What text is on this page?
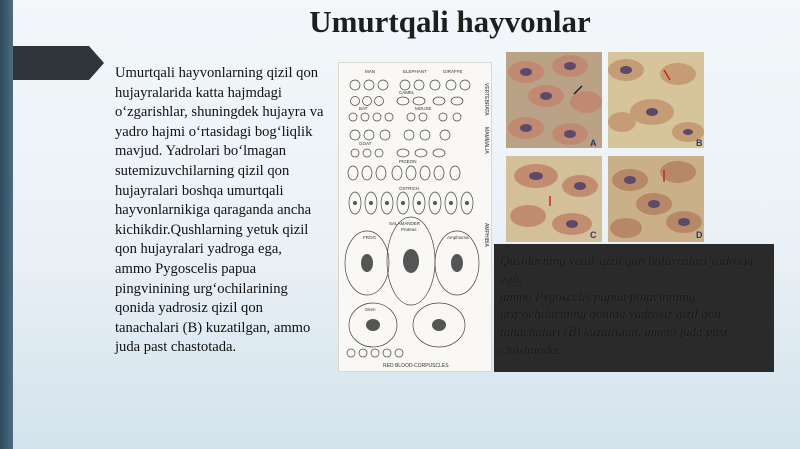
Umurtqali hayvonlar
Umurtqali hayvonlarning qizil qon hujayralarida katta hajmdagi o‘zgarishlar, shuningdek hujayra va yadro hajmi o‘rtasidagi bog‘liqlik mavjud. Yadrolari bo‘lmagan sutemizuvchilarning qizil qon hujayralari boshqa umurtqali hayvonlarnikiga qaraganda ancha kichikdir.Qushlarning yetuk qizil qon hujayralari yadroga ega,
ammo Pygoscelis papua pingvinining urg‘ochilarining qonida yadrosiz qizil qon tanachalari (B) kuzatilgan, ammo juda past chastotada.
MAN	ELEPHANT	GIRAFFE
CAMEL
BAT	MOUSE
GOAT
PIGEON
OSTRICH
SALAMANDER
FROG
Proteus
Amphiuma
Siren
VERTEBRATA
MAMMALIA
AMPHIBIA
RED BLOOD-CORPUSCLES
A	B
C	D
Qushlarning yetuk qizil qon hujayralari yadroga ega,
ammo Pygoscelis papua pingvinining urg‘ochilarining qonida yadrosiz qizil qon tanachalari (B) kuzatilgan, ammo juda past chastotada.
